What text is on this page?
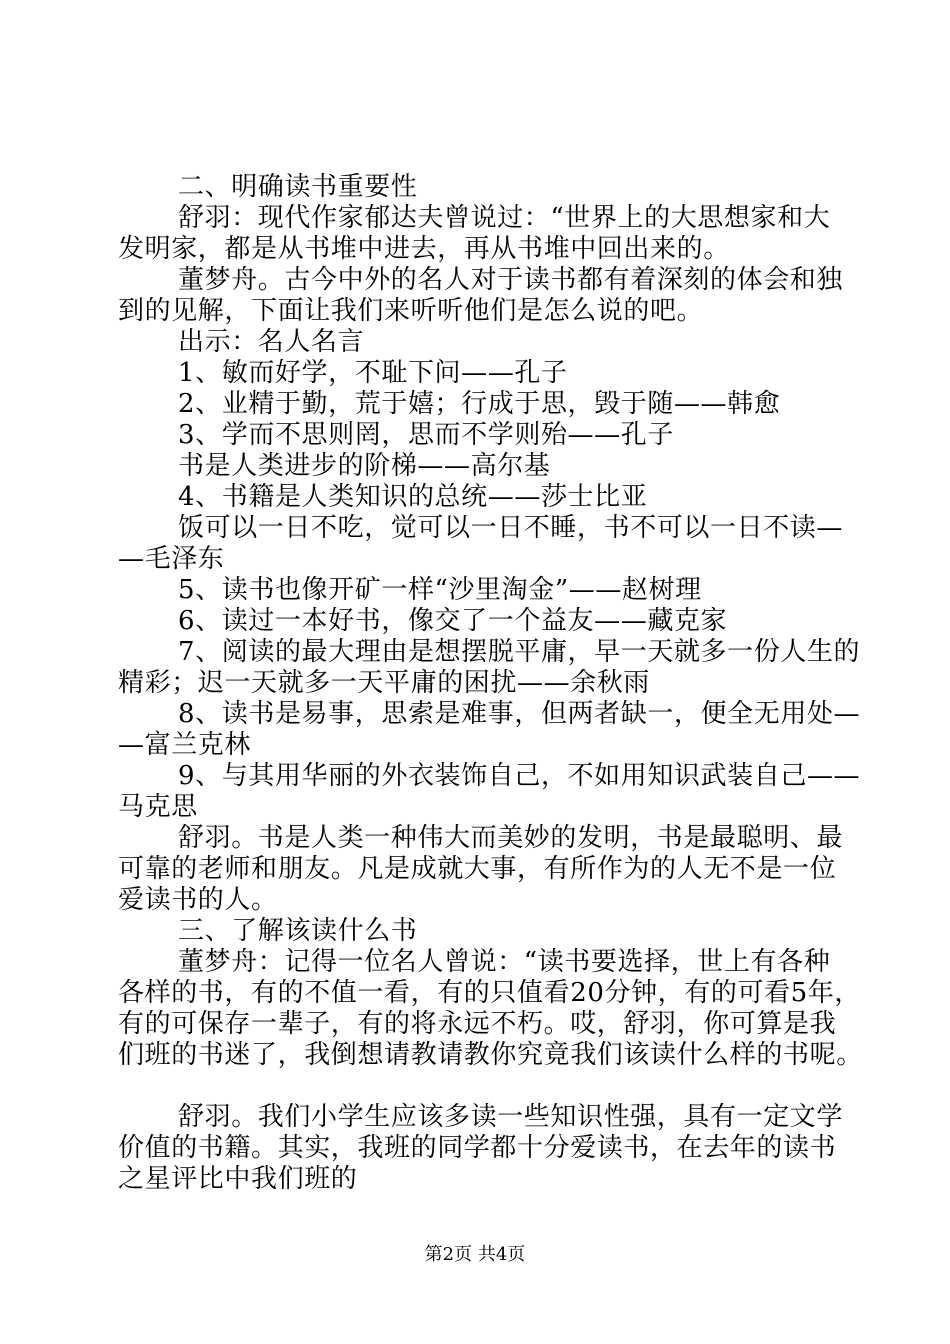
二、明确读书重要性
舒羽：现代作家郁达夫曾说过：“世界上的大思想家和大
发明家，都是从书堆中进去，再从书堆中回出来的。
董梦舟。古今中外的名人对于读书都有着深刻的体会和独
到的见解，下面让我们来听听他们是怎么说的吧。
出示：名人名言
1、敏而好学，不耻下问——孔子
2、业精于勤，荒于嬉；行成于思，毁于随——韩愈
3、学而不思则罔，思而不学则殆——孔子
书是人类进步的阶梯——高尔基
4、书籍是人类知识的总统——莎士比亚
饭可以一日不吃，觉可以一日不睡，书不可以一日不读—
—毛泽东
5、读书也像开矿一样“沙里淘金”——赵树理
6、读过一本好书，像交了一个益友——藏克家
7、阅读的最大理由是想摆脱平庸，早一天就多一份人生的
精彩；迟一天就多一天平庸的困扰——余秋雨
8、读书是易事，思索是难事，但两者缺一，便全无用处—
—富兰克林
9、与其用华丽的外衣装饰自己，不如用知识武装自己——
马克思
舒羽。书是人类一种伟大而美妙的发明，书是最聪明、最
可靠的老师和朋友。凡是成就大事，有所作为的人无不是一位
爱读书的人。
三、了解该读什么书
董梦舟：记得一位名人曾说：“读书要选择，世上有各种
各样的书，有的不值一看，有的只值看20分钟，有的可看5年，
有的可保存一辈子，有的将永远不朽。哎，舒羽，你可算是我
们班的书迷了，我倒想请教请教你究竟我们该读什么样的书呢。
舒羽。我们小学生应该多读一些知识性强，具有一定文学
价值的书籍。其实，我班的同学都十分爱读书，在去年的读书
之星评比中我们班的
第2页 共4页
